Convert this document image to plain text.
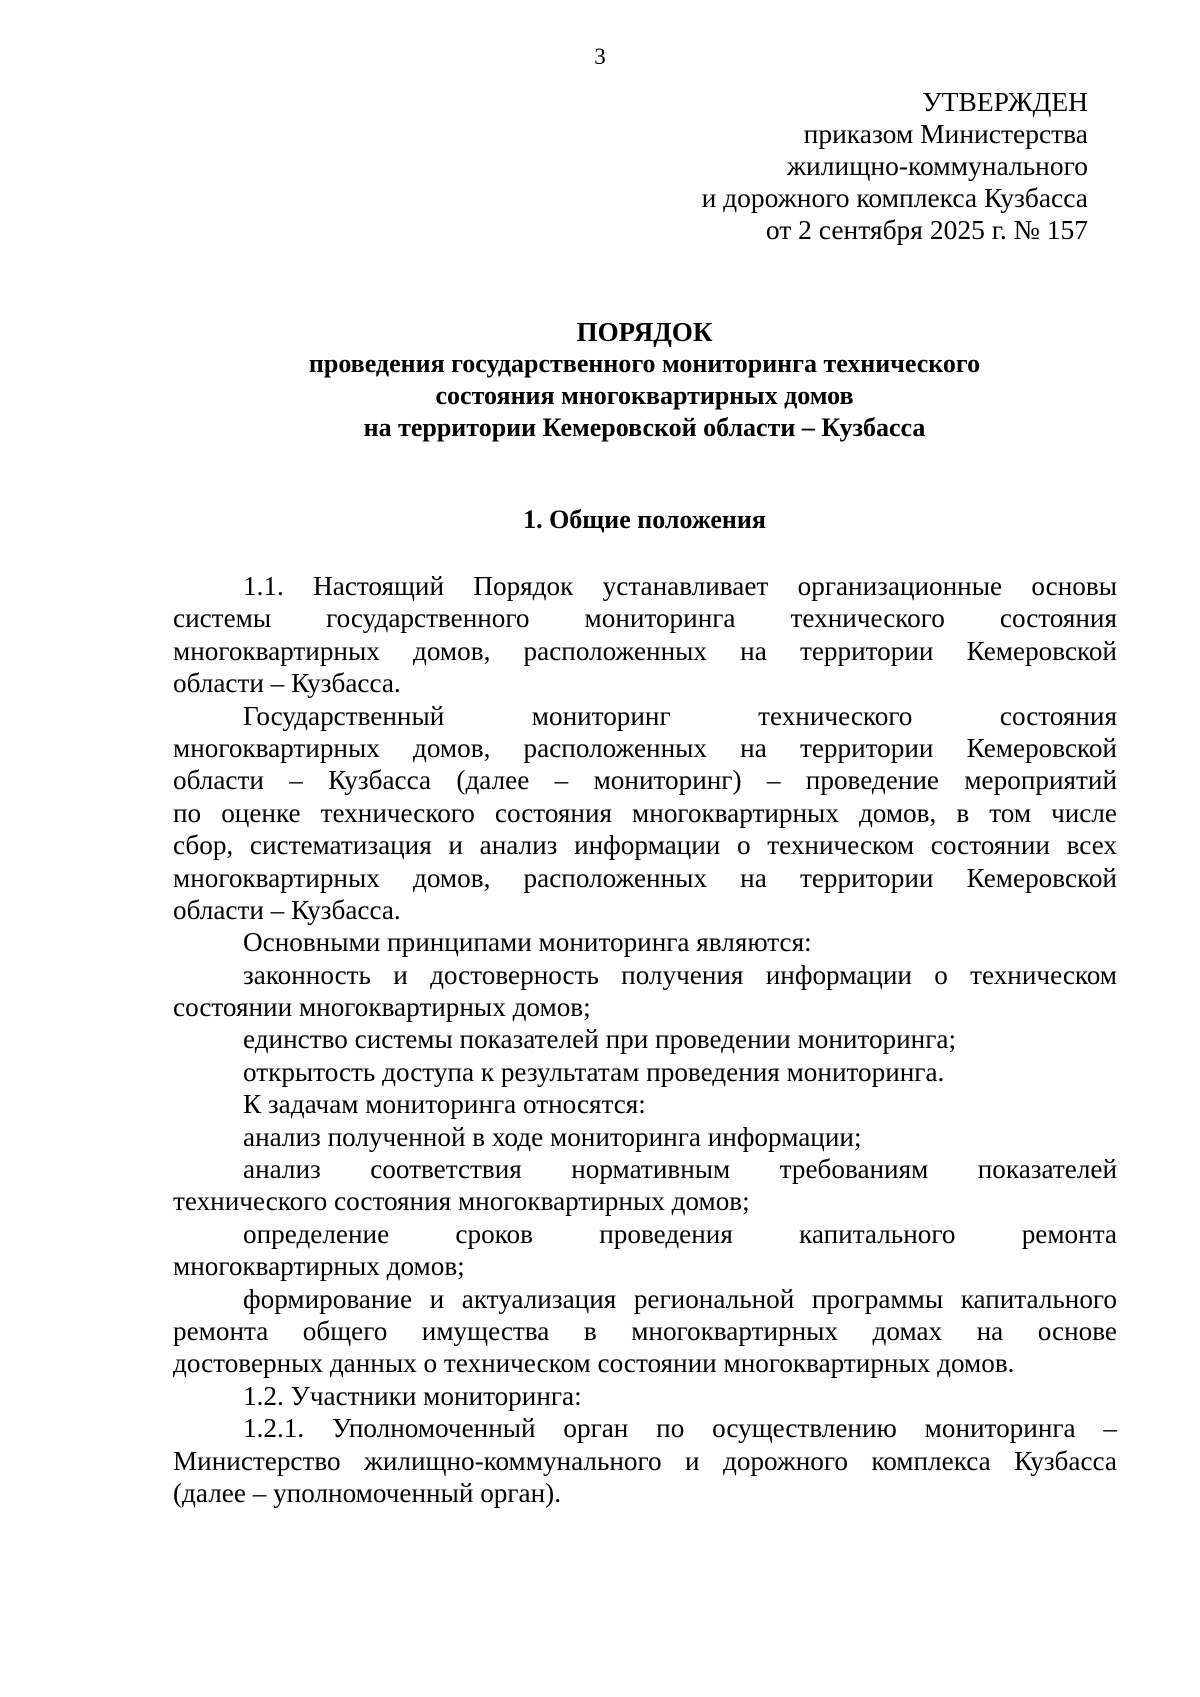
3
УТВЕРЖДЕН
приказом Министерства
жилищно-коммунального
и дорожного комплекса Кузбасса
от 2 сентября 2025 г. № 157
ПОРЯДОК
проведения государственного мониторинга технического
состояния многоквартирных домов
на территории Кемеровской области – Кузбасса
1. Общие положения
1.1. Настоящий Порядок устанавливает организационные основы
системы государственного мониторинга технического состояния
многоквартирных домов, расположенных на территории Кемеровской
области – Кузбасса.
Государственный мониторинг технического состояния
многоквартирных домов, расположенных на территории Кемеровской
области – Кузбасса (далее – мониторинг) – проведение мероприятий
по оценке технического состояния многоквартирных домов, в том числе
сбор, систематизация и анализ информации о техническом состоянии всех
многоквартирных домов, расположенных на территории Кемеровской
области – Кузбасса.
Основными принципами мониторинга являются:
законность и достоверность получения информации о техническом
состоянии многоквартирных домов;
единство системы показателей при проведении мониторинга;
открытость доступа к результатам проведения мониторинга.
К задачам мониторинга относятся:
анализ полученной в ходе мониторинга информации;
анализ соответствия нормативным требованиям показателей
технического состояния многоквартирных домов;
определение сроков проведения капитального ремонта
многоквартирных домов;
формирование и актуализация региональной программы капитального
ремонта общего имущества в многоквартирных домах на основе
достоверных данных о техническом состоянии многоквартирных домов.
1.2. Участники мониторинга:
1.2.1. Уполномоченный орган по осуществлению мониторинга –
Министерство жилищно-коммунального и дорожного комплекса Кузбасса
(далее – уполномоченный орган).
